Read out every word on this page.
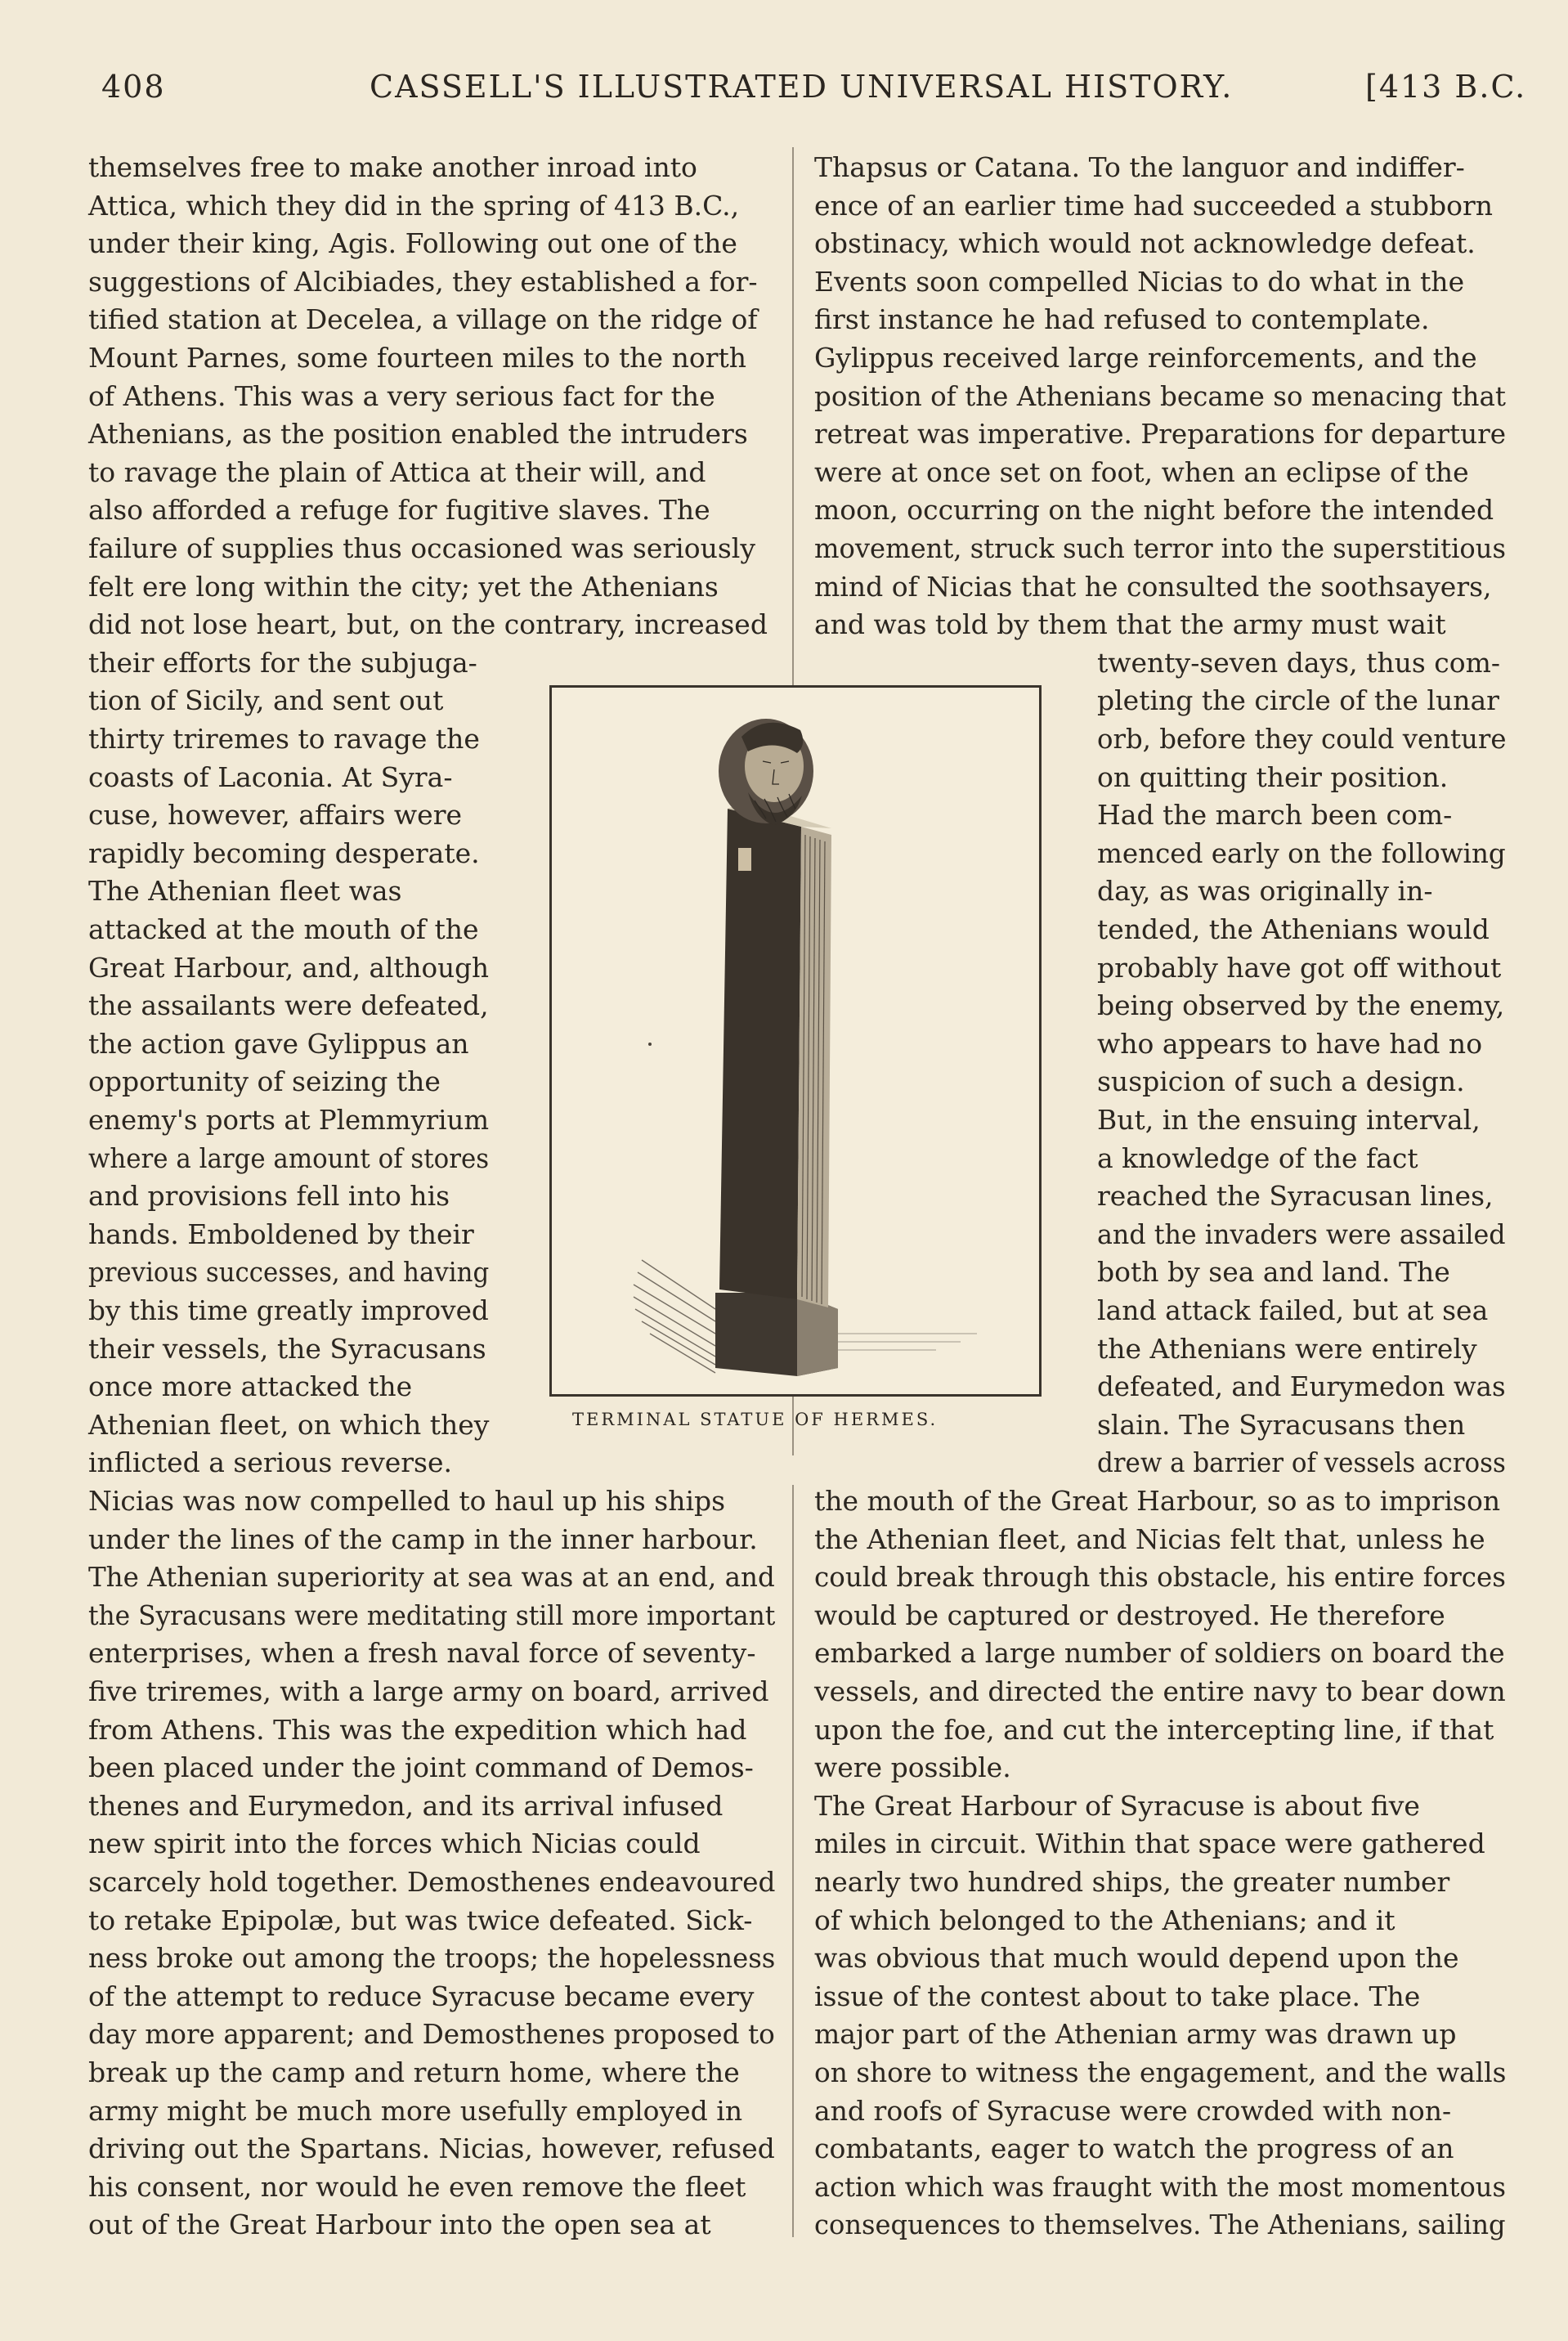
408	CASSELL'S ILLUSTRATED UNIVERSAL HISTORY.	[413 B.C.
themselves free to make another inroad into
Attica, which they did in the spring of 413 B.C.,
under their king, Agis. Following out one of the
suggestions of Alcibiades, they established a for-
tified station at Decelea, a village on the ridge of
Mount Parnes, some fourteen miles to the north
of Athens. This was a very serious fact for the
Athenians, as the position enabled the intruders
to ravage the plain of Attica at their will, and
also afforded a refuge for fugitive slaves. The
failure of supplies thus occasioned was seriously
felt ere long within the city; yet the Athenians
did not lose heart, but, on the contrary, increased
their efforts for the subjuga-
tion of Sicily, and sent out
thirty triremes to ravage the
coasts of Laconia. At Syra-
cuse, however, affairs were
rapidly becoming desperate.
The Athenian fleet was
attacked at the mouth of the
Great Harbour, and, although
the assailants were defeated,
the action gave Gylippus an
opportunity of seizing the
enemy's ports at Plemmyrium
where a large amount of stores
and provisions fell into his
hands. Emboldened by their
previous successes, and having
by this time greatly improved
their vessels, the Syracusans
once more attacked the
Athenian fleet, on which they
inflicted a serious reverse.
Nicias was now compelled to haul up his ships
under the lines of the camp in the inner harbour.
The Athenian superiority at sea was at an end, and
the Syracusans were meditating still more important
enterprises, when a fresh naval force of seventy-
five triremes, with a large army on board, arrived
from Athens. This was the expedition which had
been placed under the joint command of Demos-
thenes and Eurymedon, and its arrival infused
new spirit into the forces which Nicias could
scarcely hold together. Demosthenes endeavoured
to retake Epipolæ, but was twice defeated. Sick-
ness broke out among the troops; the hopelessness
of the attempt to reduce Syracuse became every
day more apparent; and Demosthenes proposed to
break up the camp and return home, where the
army might be much more usefully employed in
driving out the Spartans. Nicias, however, refused
his consent, nor would he even remove the fleet
out of the Great Harbour into the open sea at
Thapsus or Catana. To the languor and indiffer-
ence of an earlier time had succeeded a stubborn
obstinacy, which would not acknowledge defeat.
Events soon compelled Nicias to do what in the
first instance he had refused to contemplate.
Gylippus received large reinforcements, and the
position of the Athenians became so menacing that
retreat was imperative. Preparations for departure
were at once set on foot, when an eclipse of the
moon, occurring on the night before the intended
movement, struck such terror into the superstitious
mind of Nicias that he consulted the soothsayers,
and was told by them that the army must wait
twenty-seven days, thus com-
pleting the circle of the lunar
orb, before they could venture
on quitting their position.
Had the march been com-
menced early on the following
day, as was originally in-
tended, the Athenians would
probably have got off without
being observed by the enemy,
who appears to have had no
suspicion of such a design.
But, in the ensuing interval,
a knowledge of the fact
reached the Syracusan lines,
and the invaders were assailed
both by sea and land. The
land attack failed, but at sea
the Athenians were entirely
defeated, and Eurymedon was
slain. The Syracusans then
drew a barrier of vessels across
the mouth of the Great Harbour, so as to imprison
the Athenian fleet, and Nicias felt that, unless he
could break through this obstacle, his entire forces
would be captured or destroyed. He therefore
embarked a large number of soldiers on board the
vessels, and directed the entire navy to bear down
upon the foe, and cut the intercepting line, if that
were possible.
The Great Harbour of Syracuse is about five
miles in circuit. Within that space were gathered
nearly two hundred ships, the greater number
of which belonged to the Athenians; and it
was obvious that much would depend upon the
issue of the contest about to take place. The
major part of the Athenian army was drawn up
on shore to witness the engagement, and the walls
and roofs of Syracuse were crowded with non-
combatants, eager to watch the progress of an
action which was fraught with the most momentous
consequences to themselves. The Athenians, sailing
TERMINAL STATUE OF HERMES.
